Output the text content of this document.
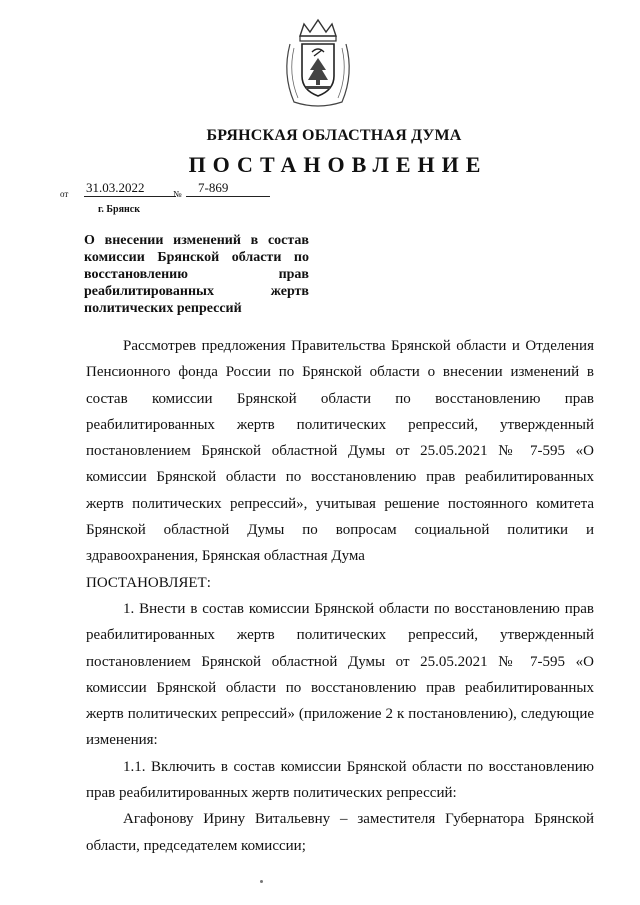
БРЯНСКАЯ ОБЛАСТНАЯ ДУМА
ПОСТАНОВЛЕНИЕ
от 31.03.2022	№	7-869
г. Брянск
О внесении изменений в состав комиссии Брянской области по восстановлению прав реабилитированных жертв политических репрессий

Рассмотрев предложения Правительства Брянской области и Отделения Пенсионного фонда России по Брянской области о внесении изменений в состав комиссии Брянской области по восстановлению прав реабилитированных жертв политических репрессий, утвержденный постановлением Брянской областной Думы от 25.05.2021 № 7-595 «О комиссии Брянской области по восстановлению прав реабилитированных жертв политических репрессий», учитывая решение постоянного комитета Брянской областной Думы по вопросам социальной политики и здравоохранения, Брянская областная Дума

ПОСТАНОВЛЯЕТ:

1. Внести в состав комиссии Брянской области по восстановлению прав реабилитированных жертв политических репрессий, утвержденный постановлением Брянской областной Думы от 25.05.2021 № 7-595 «О комиссии Брянской области по восстановлению прав реабилитированных жертв политических репрессий» (приложение 2 к постановлению), следующие изменения:

1.1. Включить в состав комиссии Брянской области по восстановлению прав реабилитированных жертв политических репрессий:

Агафонову Ирину Витальевну – заместителя Губернатора Брянской области, председателем комиссии;
